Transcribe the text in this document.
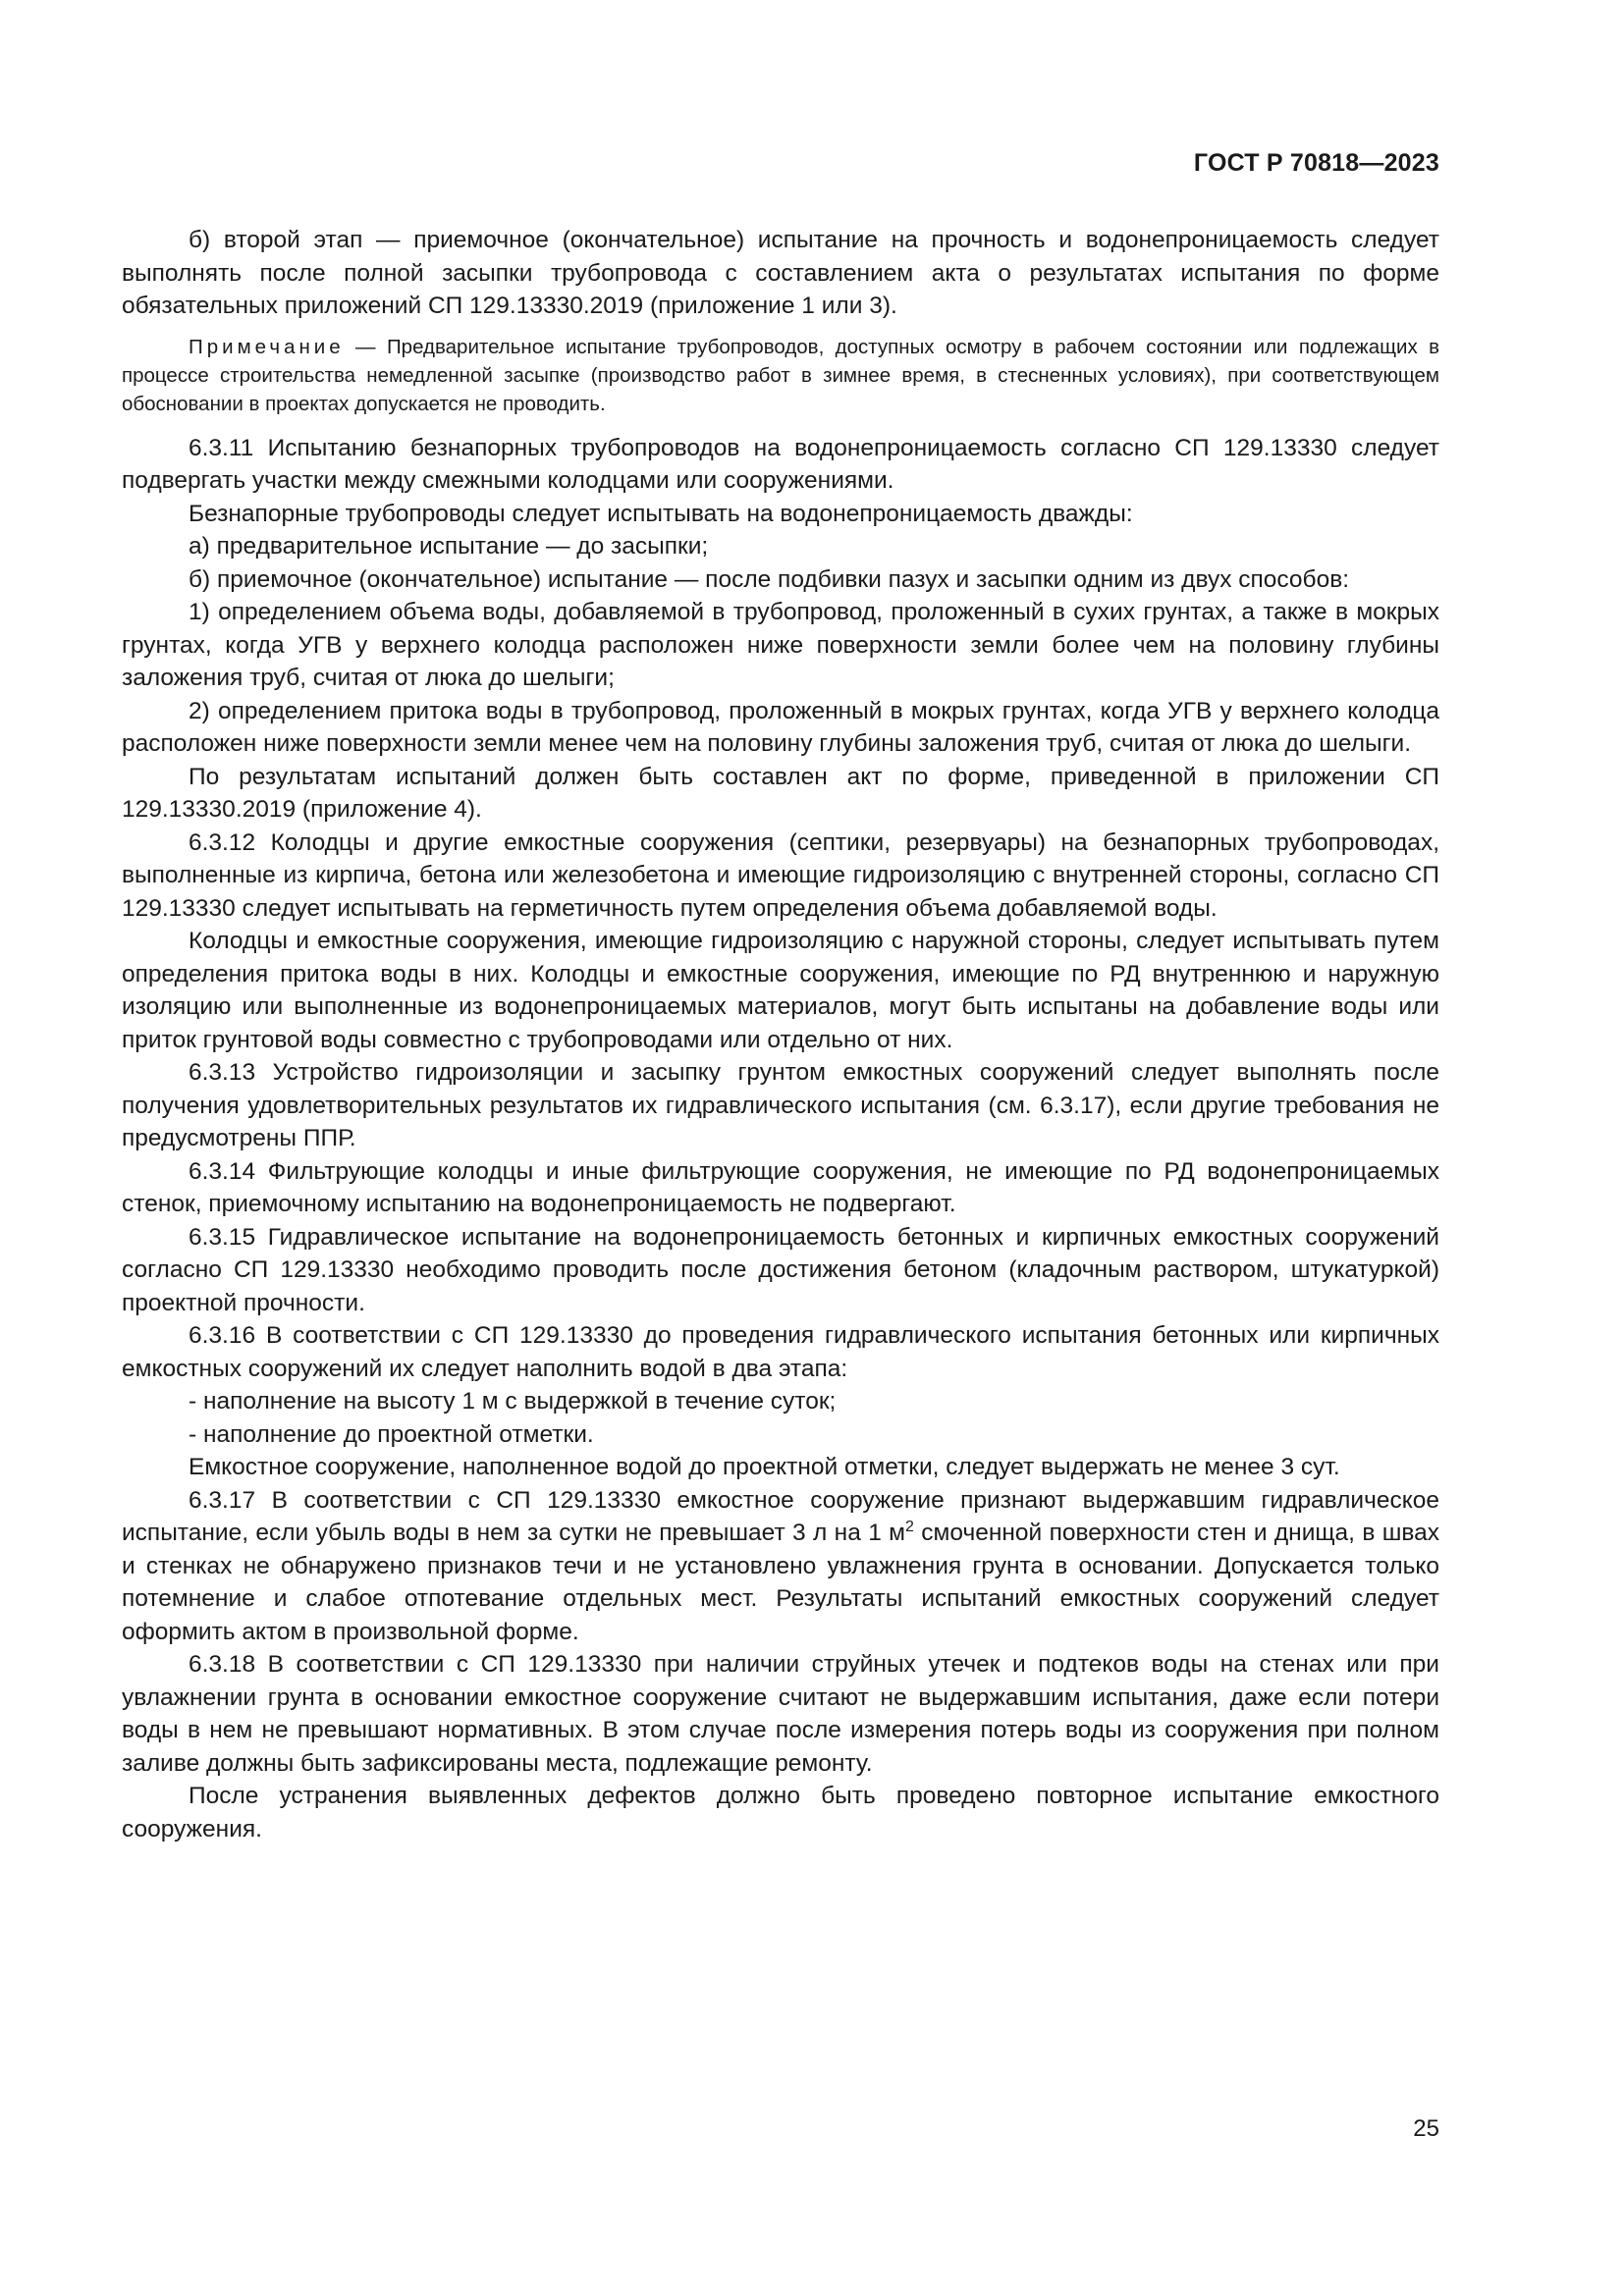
ГОСТ Р 70818—2023

б) второй этап — приемочное (окончательное) испытание на прочность и водонепроницаемость следует выполнять после полной засыпки трубопровода с составлением акта о результатах испытания по форме обязательных приложений СП 129.13330.2019 (приложение 1 или 3).

Примечание — Предварительное испытание трубопроводов, доступных осмотру в рабочем состоянии или подлежащих в процессе строительства немедленной засыпке (производство работ в зимнее время, в стесненных условиях), при соответствующем обосновании в проектах допускается не проводить.

6.3.11 Испытанию безнапорных трубопроводов на водонепроницаемость согласно СП 129.13330 следует подвергать участки между смежными колодцами или сооружениями.

Безнапорные трубопроводы следует испытывать на водонепроницаемость дважды:

а) предварительное испытание — до засыпки;

б) приемочное (окончательное) испытание — после подбивки пазух и засыпки одним из двух способов:

1) определением объема воды, добавляемой в трубопровод, проложенный в сухих грунтах, а также в мокрых грунтах, когда УГВ у верхнего колодца расположен ниже поверхности земли более чем на половину глубины заложения труб, считая от люка до шелыги;

2) определением притока воды в трубопровод, проложенный в мокрых грунтах, когда УГВ у верхнего колодца расположен ниже поверхности земли менее чем на половину глубины заложения труб, считая от люка до шелыги.

По результатам испытаний должен быть составлен акт по форме, приведенной в приложении СП 129.13330.2019 (приложение 4).

6.3.12 Колодцы и другие емкостные сооружения (септики, резервуары) на безнапорных трубопроводах, выполненные из кирпича, бетона или железобетона и имеющие гидроизоляцию с внутренней стороны, согласно СП 129.13330 следует испытывать на герметичность путем определения объема добавляемой воды.

Колодцы и емкостные сооружения, имеющие гидроизоляцию с наружной стороны, следует испытывать путем определения притока воды в них. Колодцы и емкостные сооружения, имеющие по РД внутреннюю и наружную изоляцию или выполненные из водонепроницаемых материалов, могут быть испытаны на добавление воды или приток грунтовой воды совместно с трубопроводами или отдельно от них.

6.3.13 Устройство гидроизоляции и засыпку грунтом емкостных сооружений следует выполнять после получения удовлетворительных результатов их гидравлического испытания (см. 6.3.17), если другие требования не предусмотрены ППР.

6.3.14 Фильтрующие колодцы и иные фильтрующие сооружения, не имеющие по РД водонепроницаемых стенок, приемочному испытанию на водонепроницаемость не подвергают.

6.3.15 Гидравлическое испытание на водонепроницаемость бетонных и кирпичных емкостных сооружений согласно СП 129.13330 необходимо проводить после достижения бетоном (кладочным раствором, штукатуркой) проектной прочности.

6.3.16 В соответствии с СП 129.13330 до проведения гидравлического испытания бетонных или кирпичных емкостных сооружений их следует наполнить водой в два этапа:

- наполнение на высоту 1 м с выдержкой в течение суток;

- наполнение до проектной отметки.

Емкостное сооружение, наполненное водой до проектной отметки, следует выдержать не менее 3 сут.

6.3.17 В соответствии с СП 129.13330 емкостное сооружение признают выдержавшим гидравлическое испытание, если убыль воды в нем за сутки не превышает 3 л на 1 $м^2$ смоченной поверхности стен и днища, в швах и стенках не обнаружено признаков течи и не установлено увлажнения грунта в основании. Допускается только потемнение и слабое отпотевание отдельных мест. Результаты испытаний емкостных сооружений следует оформить актом в произвольной форме.

6.3.18 В соответствии с СП 129.13330 при наличии струйных утечек и подтеков воды на стенах или при увлажнении грунта в основании емкостное сооружение считают не выдержавшим испытания, даже если потери воды в нем не превышают нормативных. В этом случае после измерения потерь воды из сооружения при полном заливе должны быть зафиксированы места, подлежащие ремонту.

После устранения выявленных дефектов должно быть проведено повторное испытание емкостного сооружения.

25
